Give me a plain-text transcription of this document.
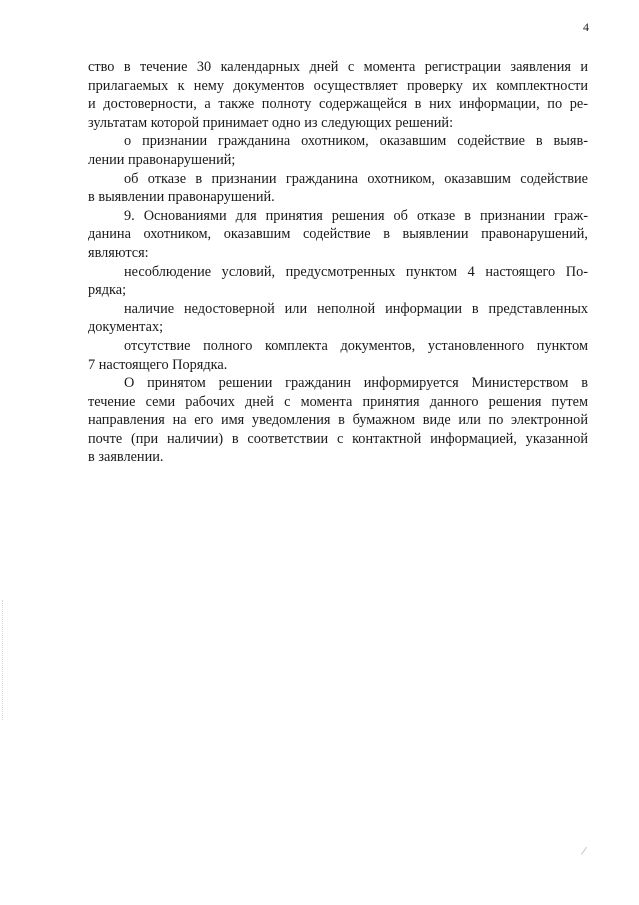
4
ство в течение 30 календарных дней с момента регистрации заявления и
прилагаемых к нему документов осуществляет проверку их комплектности
и достоверности, а также полноту содержащейся в них информации, по ре-
зультатам которой принимает одно из следующих решений:
о признании гражданина охотником, оказавшим содействие в выяв-
лении правонарушений;
об отказе в признании гражданина охотником, оказавшим содействие
в выявлении правонарушений.
9. Основаниями для принятия решения об отказе в признании граж-
данина охотником, оказавшим содействие в выявлении правонарушений,
являются:
несоблюдение условий, предусмотренных пунктом 4 настоящего По-
рядка;
наличие недостоверной или неполной информации в представленных
документах;
отсутствие полного комплекта документов, установленного пунктом
7 настоящего Порядка.
О принятом решении гражданин информируется Министерством в
течение семи рабочих дней с момента принятия данного решения путем
направления на его имя уведомления в бумажном виде или по электронной
почте (при наличии) в соответствии с контактной информацией, указанной
в заявлении.
